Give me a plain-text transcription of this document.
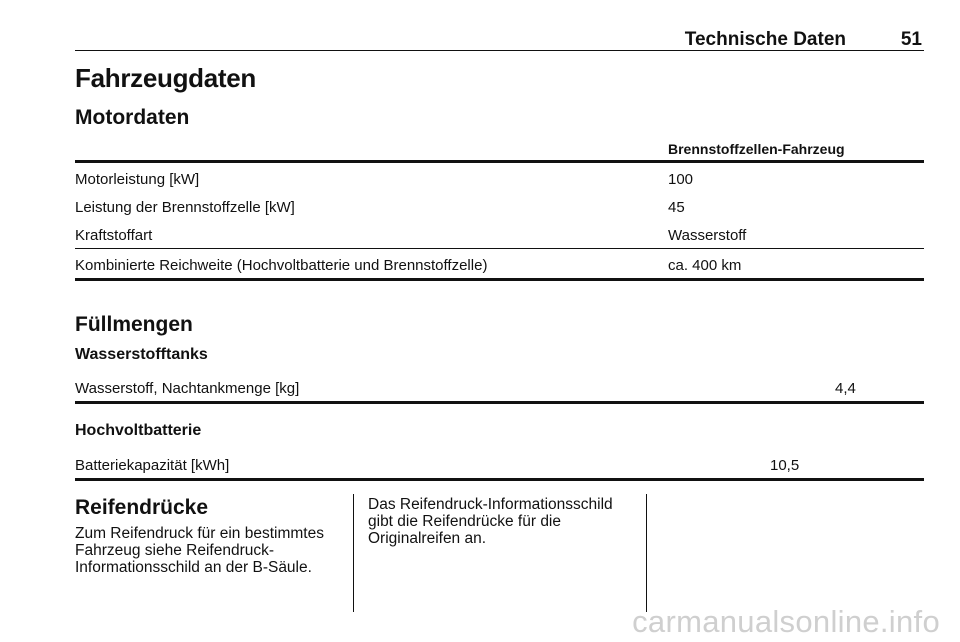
Technische Daten	51
Fahrzeugdaten
Motordaten
Brennstoffzellen-Fahrzeug
Motorleistung [kW]	100
Leistung der Brennstoffzelle [kW]	45
Kraftstoffart	Wasserstoff
Kombinierte Reichweite (Hochvoltbatterie und Brennstoffzelle)	ca. 400 km
Füllmengen
Wasserstofftanks
Wasserstoff, Nachtankmenge [kg]	4,4
Hochvoltbatterie
Batteriekapazität [kWh]	10,5
Reifendrücke
Zum Reifendruck für ein bestimmtes Fahrzeug siehe Reifendruck-Informationsschild an der B-Säule.
Das Reifendruck-Informationsschild gibt die Reifendrücke für die Originalreifen an.
carmanualsonline.info
